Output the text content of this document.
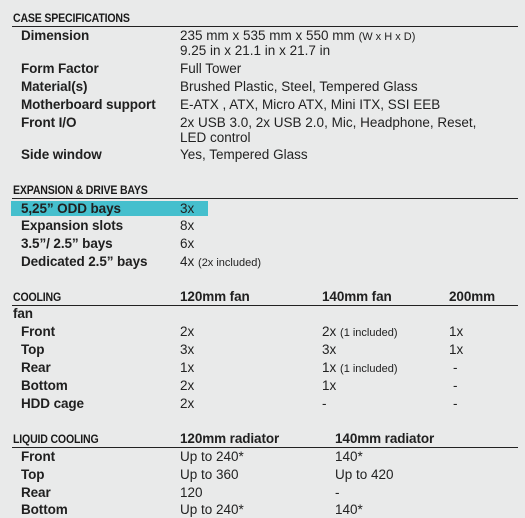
CASE SPECIFICATIONS
Dimension	235 mm x 535 mm x 550 mm (W x H x D)
9.25 in x 21.1 in x 21.7 in
Form Factor	Full Tower
Material(s)	Brushed Plastic, Steel, Tempered Glass
Motherboard support E-ATX , ATX, Micro ATX, Mini ITX, SSI EEB
Front I/O	2x USB 3.0, 2x USB 2.0, Mic, Headphone, Reset,
LED control
Side window	Yes, Tempered Glass
EXPANSION & DRIVE BAYS
5,25” ODD bays	3x
Expansion slots	8x
3.5”/ 2.5” bays	6x
Dedicated 2.5” bays 4x (2x included)
COOLING	120mm fan	140mm fan	200mm
fan
Front	2x	2x (1 included)	1x
Top	3x	3x	1x
Rear	1x	1x (1 included)	-
Bottom	2x	1x	-
HDD cage	2x	-	-
LIQUID COOLING	120mm radiator	140mm radiator
Front	Up to 240*	140*
Top	Up to 360	Up to 420
Rear	120	-
Bottom	Up to 240*	140*
